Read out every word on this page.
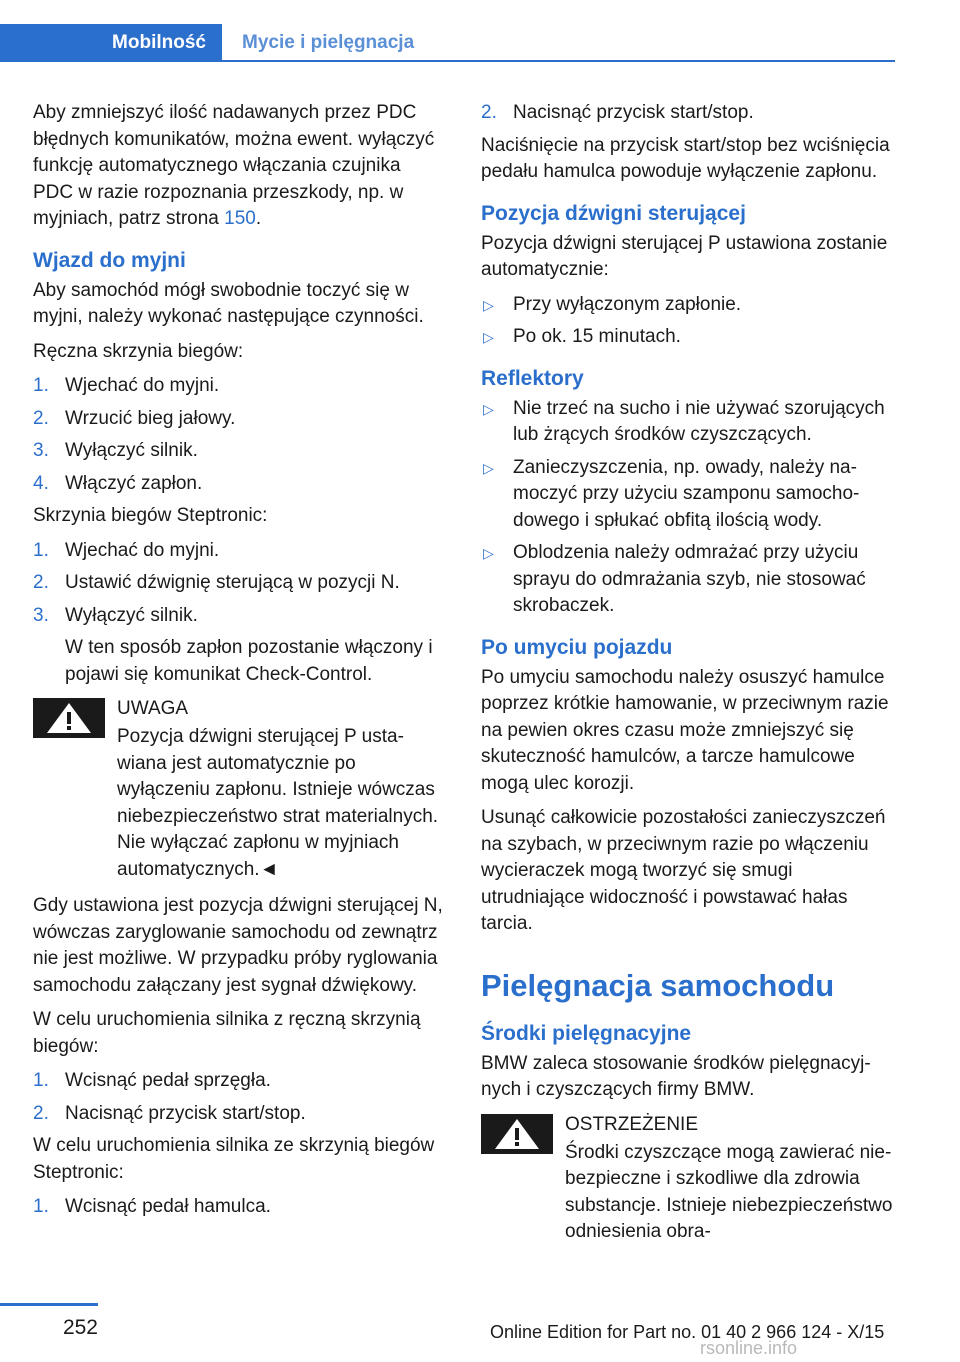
Mobilność Mycie i pielęgnacja

Aby zmniejszyć ilość nadawanych przez PDC błędnych komunikatów, można ewent. wyłączyć funkcję automatycznego włączania czujnika PDC w razie rozpoznania przeszkody, np. w myjniach, patrz strona 150.

Wjazd do myjni

Aby samochód mógł swobodnie toczyć się w myjni, należy wykonać następujące czynności.

Ręczna skrzynia biegów:

1. Wjechać do myjni.
2. Wrzucić bieg jałowy.
3. Wyłączyć silnik.
4. Włączyć zapłon.

Skrzynia biegów Steptronic:

1. Wjechać do myjni.
2. Ustawić dźwignię sterującą w pozycji N.
3. Wyłączyć silnik.
W ten sposób zapłon pozostanie włączony i pojawi się komunikat Check-Control.
UWAGA
Pozycja dźwigni sterującej P ustawiana jest automatycznie po wyłączeniu zapłonu. Istnieje wówczas niebezpieczeństwo strat materialnych. Nie wyłączać zapłonu w myjniach automatycznych.◄

Gdy ustawiona jest pozycja dźwigni sterującej N, wówczas zaryglowanie samochodu od zewnątrz nie jest możliwe. W przypadku próby ryglowania samochodu załączany jest sygnał dźwiękowy.

W celu uruchomienia silnika z ręczną skrzynią biegów:

1. Wcisnąć pedał sprzęgła.
2. Nacisnąć przycisk start/stop.

W celu uruchomienia silnika ze skrzynią biegów Steptronic:

1. Wcisnąć pedał hamulca.
2. Nacisnąć przycisk start/stop.

Naciśnięcie na przycisk start/stop bez wciśnięcia pedału hamulca powoduje wyłączenie zapłonu.

Pozycja dźwigni sterującej

Pozycja dźwigni sterującej P ustawiona zostanie automatycznie:

▷ Przy wyłączonym zapłonie.
▷ Po ok. 15 minutach.
Reflektory
▷ Nie trzeć na sucho i nie używać szorujących lub żrących środków czyszczących.
▷ Zanieczyszczenia, np. owady, należy namoczyć przy użyciu szamponu samochodowego i spłukać obfitą ilością wody.
▷ Oblodzenia należy odmrażać przy użyciu sprayu do odmrażania szyb, nie stosować skrobaczek.
Po umyciu pojazdu

Po umyciu samochodu należy osuszyć hamulce poprzez krótkie hamowanie, w przeciwnym razie na pewien okres czasu może zmniejszyć się skuteczność hamulców, a tarcze hamulcowe mogą ulec korozji.

Usunąć całkowicie pozostałości zanieczyszczeń na szybach, w przeciwnym razie po włączeniu wycieraczek mogą tworzyć się smugi utrudniające widoczność i powstawać hałas tarcia.

Pielęgnacja samochodu
Środki pielęgnacyjne

BMW zaleca stosowanie środków pielęgnacyjnych i czyszczących firmy BMW.

OSTRZEŻENIE
Środki czyszczące mogą zawierać niebezpieczne i szkodliwe dla zdrowia substancje. Istnieje niebezpieczeństwo odniesienia obra-
252	Online Edition for Part no. 01 40 2 966 124 - X/15
rsonline.info
